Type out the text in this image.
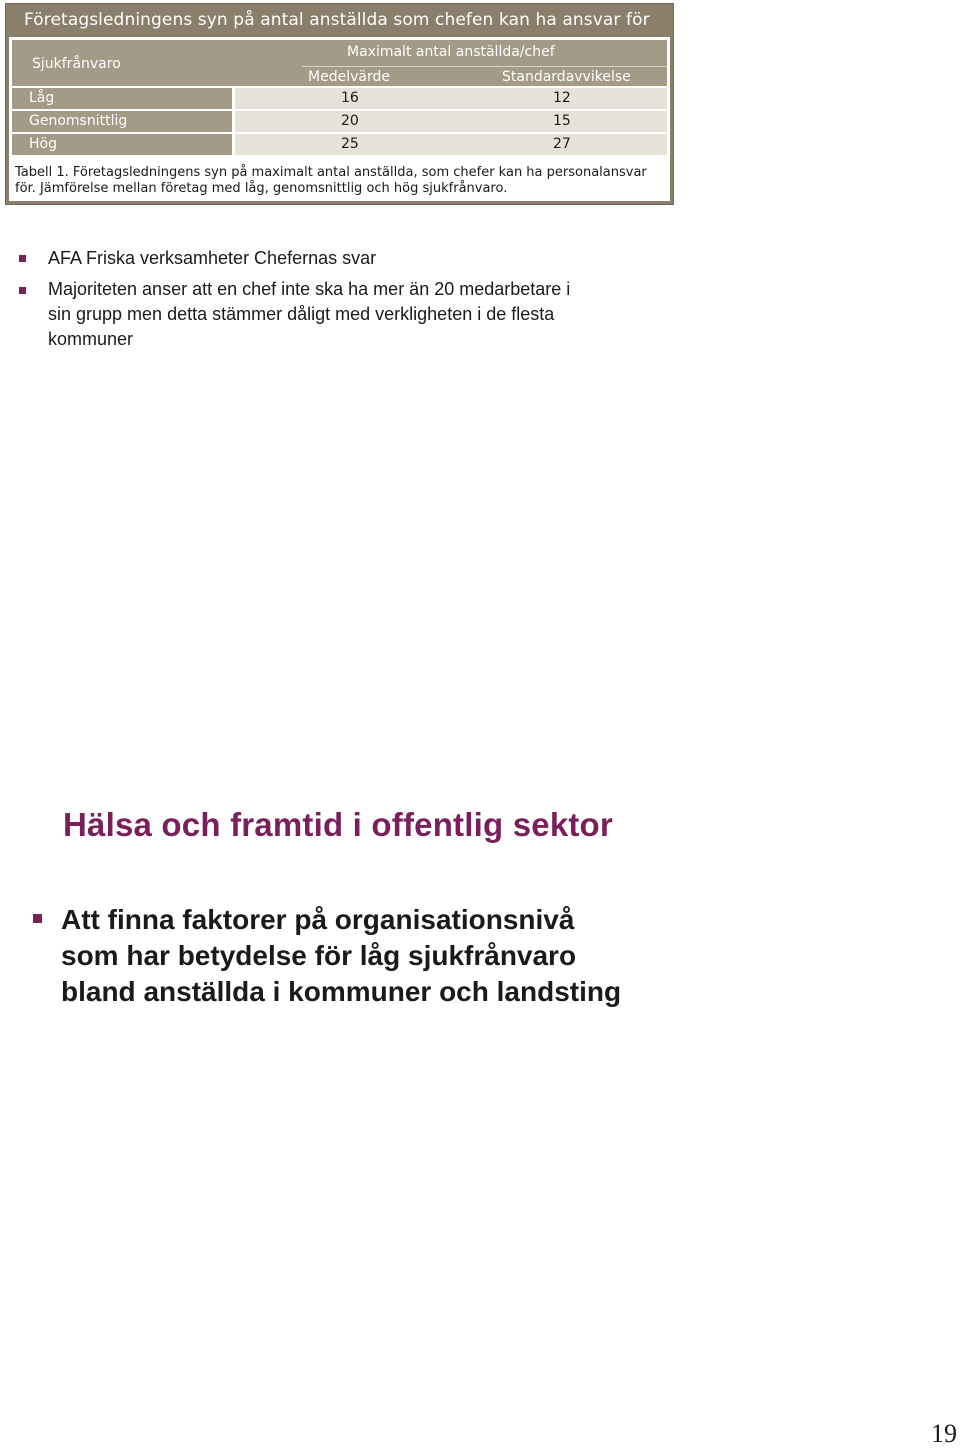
Företagsledningens syn på antal anställda som chefen kan ha ansvar för
Sjukfrånvaro
Maximalt antal anställda/chef
Medelvärde	Standardavvikelse
Låg	16	12
Genomsnittlig	20	15
Hög	25	27
Tabell 1. Företagsledningens syn på maximalt antal anställda, som chefer kan ha personalansvar
för. Jämförelse mellan företag med låg, genomsnittlig och hög sjukfrånvaro.
AFA Friska verksamheter Chefernas svar
Majoriteten anser att en chef inte ska ha mer än 20 medarbetare i
sin grupp men detta stämmer dåligt med verkligheten i de flesta
kommuner
Hälsa och framtid i offentlig sektor
Att finna faktorer på organisationsnivå
som har betydelse för låg sjukfrånvaro
bland anställda i kommuner och landsting
19
